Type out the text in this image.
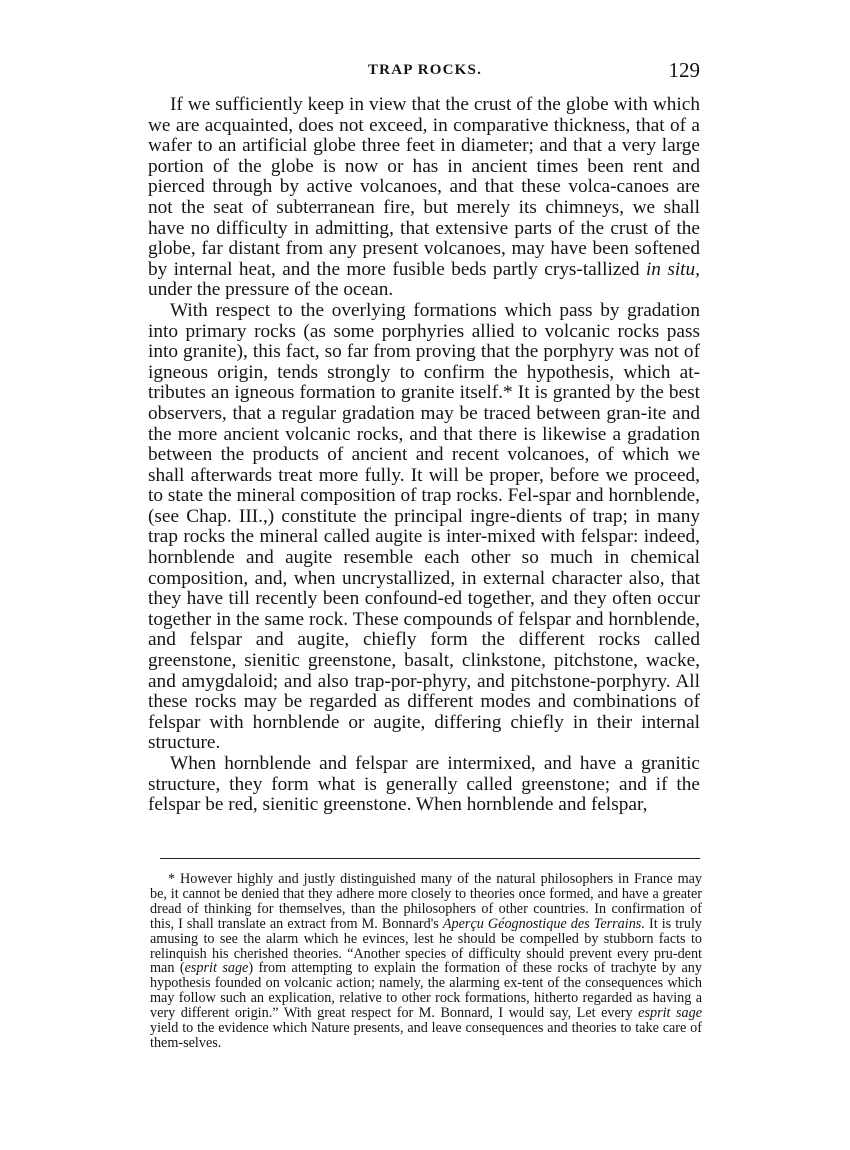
TRAP ROCKS.	129

If we sufficiently keep in view that the crust of the globe with which we are acquainted, does not exceed, in comparative thickness, that of a wafer to an artificial globe three feet in diameter; and that a very large portion of the globe is now or has in ancient times been rent and pierced through by active volcanoes, and that these volca-canoes are not the seat of subterranean fire, but merely its chimneys, we shall have no difficulty in admitting, that extensive parts of the crust of the globe, far distant from any present volcanoes, may have been softened by internal heat, and the more fusible beds partly crys-tallized in situ, under the pressure of the ocean.

With respect to the overlying formations which pass by gradation into primary rocks (as some porphyries allied to volcanic rocks pass into granite), this fact, so far from proving that the porphyry was not of igneous origin, tends strongly to confirm the hypothesis, which at-tributes an igneous formation to granite itself.* It is granted by the best observers, that a regular gradation may be traced between gran-ite and the more ancient volcanic rocks, and that there is likewise a gradation between the products of ancient and recent volcanoes, of which we shall afterwards treat more fully. It will be proper, before we proceed, to state the mineral composition of trap rocks. Fel-spar and hornblende, (see Chap. III.,) constitute the principal ingre-dients of trap; in many trap rocks the mineral called augite is inter-mixed with felspar: indeed, hornblende and augite resemble each other so much in chemical composition, and, when uncrystallized, in external character also, that they have till recently been confound-ed together, and they often occur together in the same rock. These compounds of felspar and hornblende, and felspar and augite, chiefly form the different rocks called greenstone, sienitic greenstone, basalt, clinkstone, pitchstone, wacke, and amygdaloid; and also trap-por-phyry, and pitchstone-porphyry. All these rocks may be regarded as different modes and combinations of felspar with hornblende or augite, differing chiefly in their internal structure.

When hornblende and felspar are intermixed, and have a granitic structure, they form what is generally called greenstone; and if the felspar be red, sienitic greenstone. When hornblende and felspar,

* However highly and justly distinguished many of the natural philosophers in France may be, it cannot be denied that they adhere more closely to theories once formed, and have a greater dread of thinking for themselves, than the philosophers of other countries. In confirmation of this, I shall translate an extract from M. Bonnard's Aperçu Géognostique des Terrains. It is truly amusing to see the alarm which he evinces, lest he should be compelled by stubborn facts to relinquish his cherished theories. “Another species of difficulty should prevent every pru-dent man (esprit sage) from attempting to explain the formation of these rocks of trachyte by any hypothesis founded on volcanic action; namely, the alarming ex-tent of the consequences which may follow such an explication, relative to other rock formations, hitherto regarded as having a very different origin.” With great respect for M. Bonnard, I would say, Let every esprit sage yield to the evidence which Nature presents, and leave consequences and theories to take care of them-selves.
